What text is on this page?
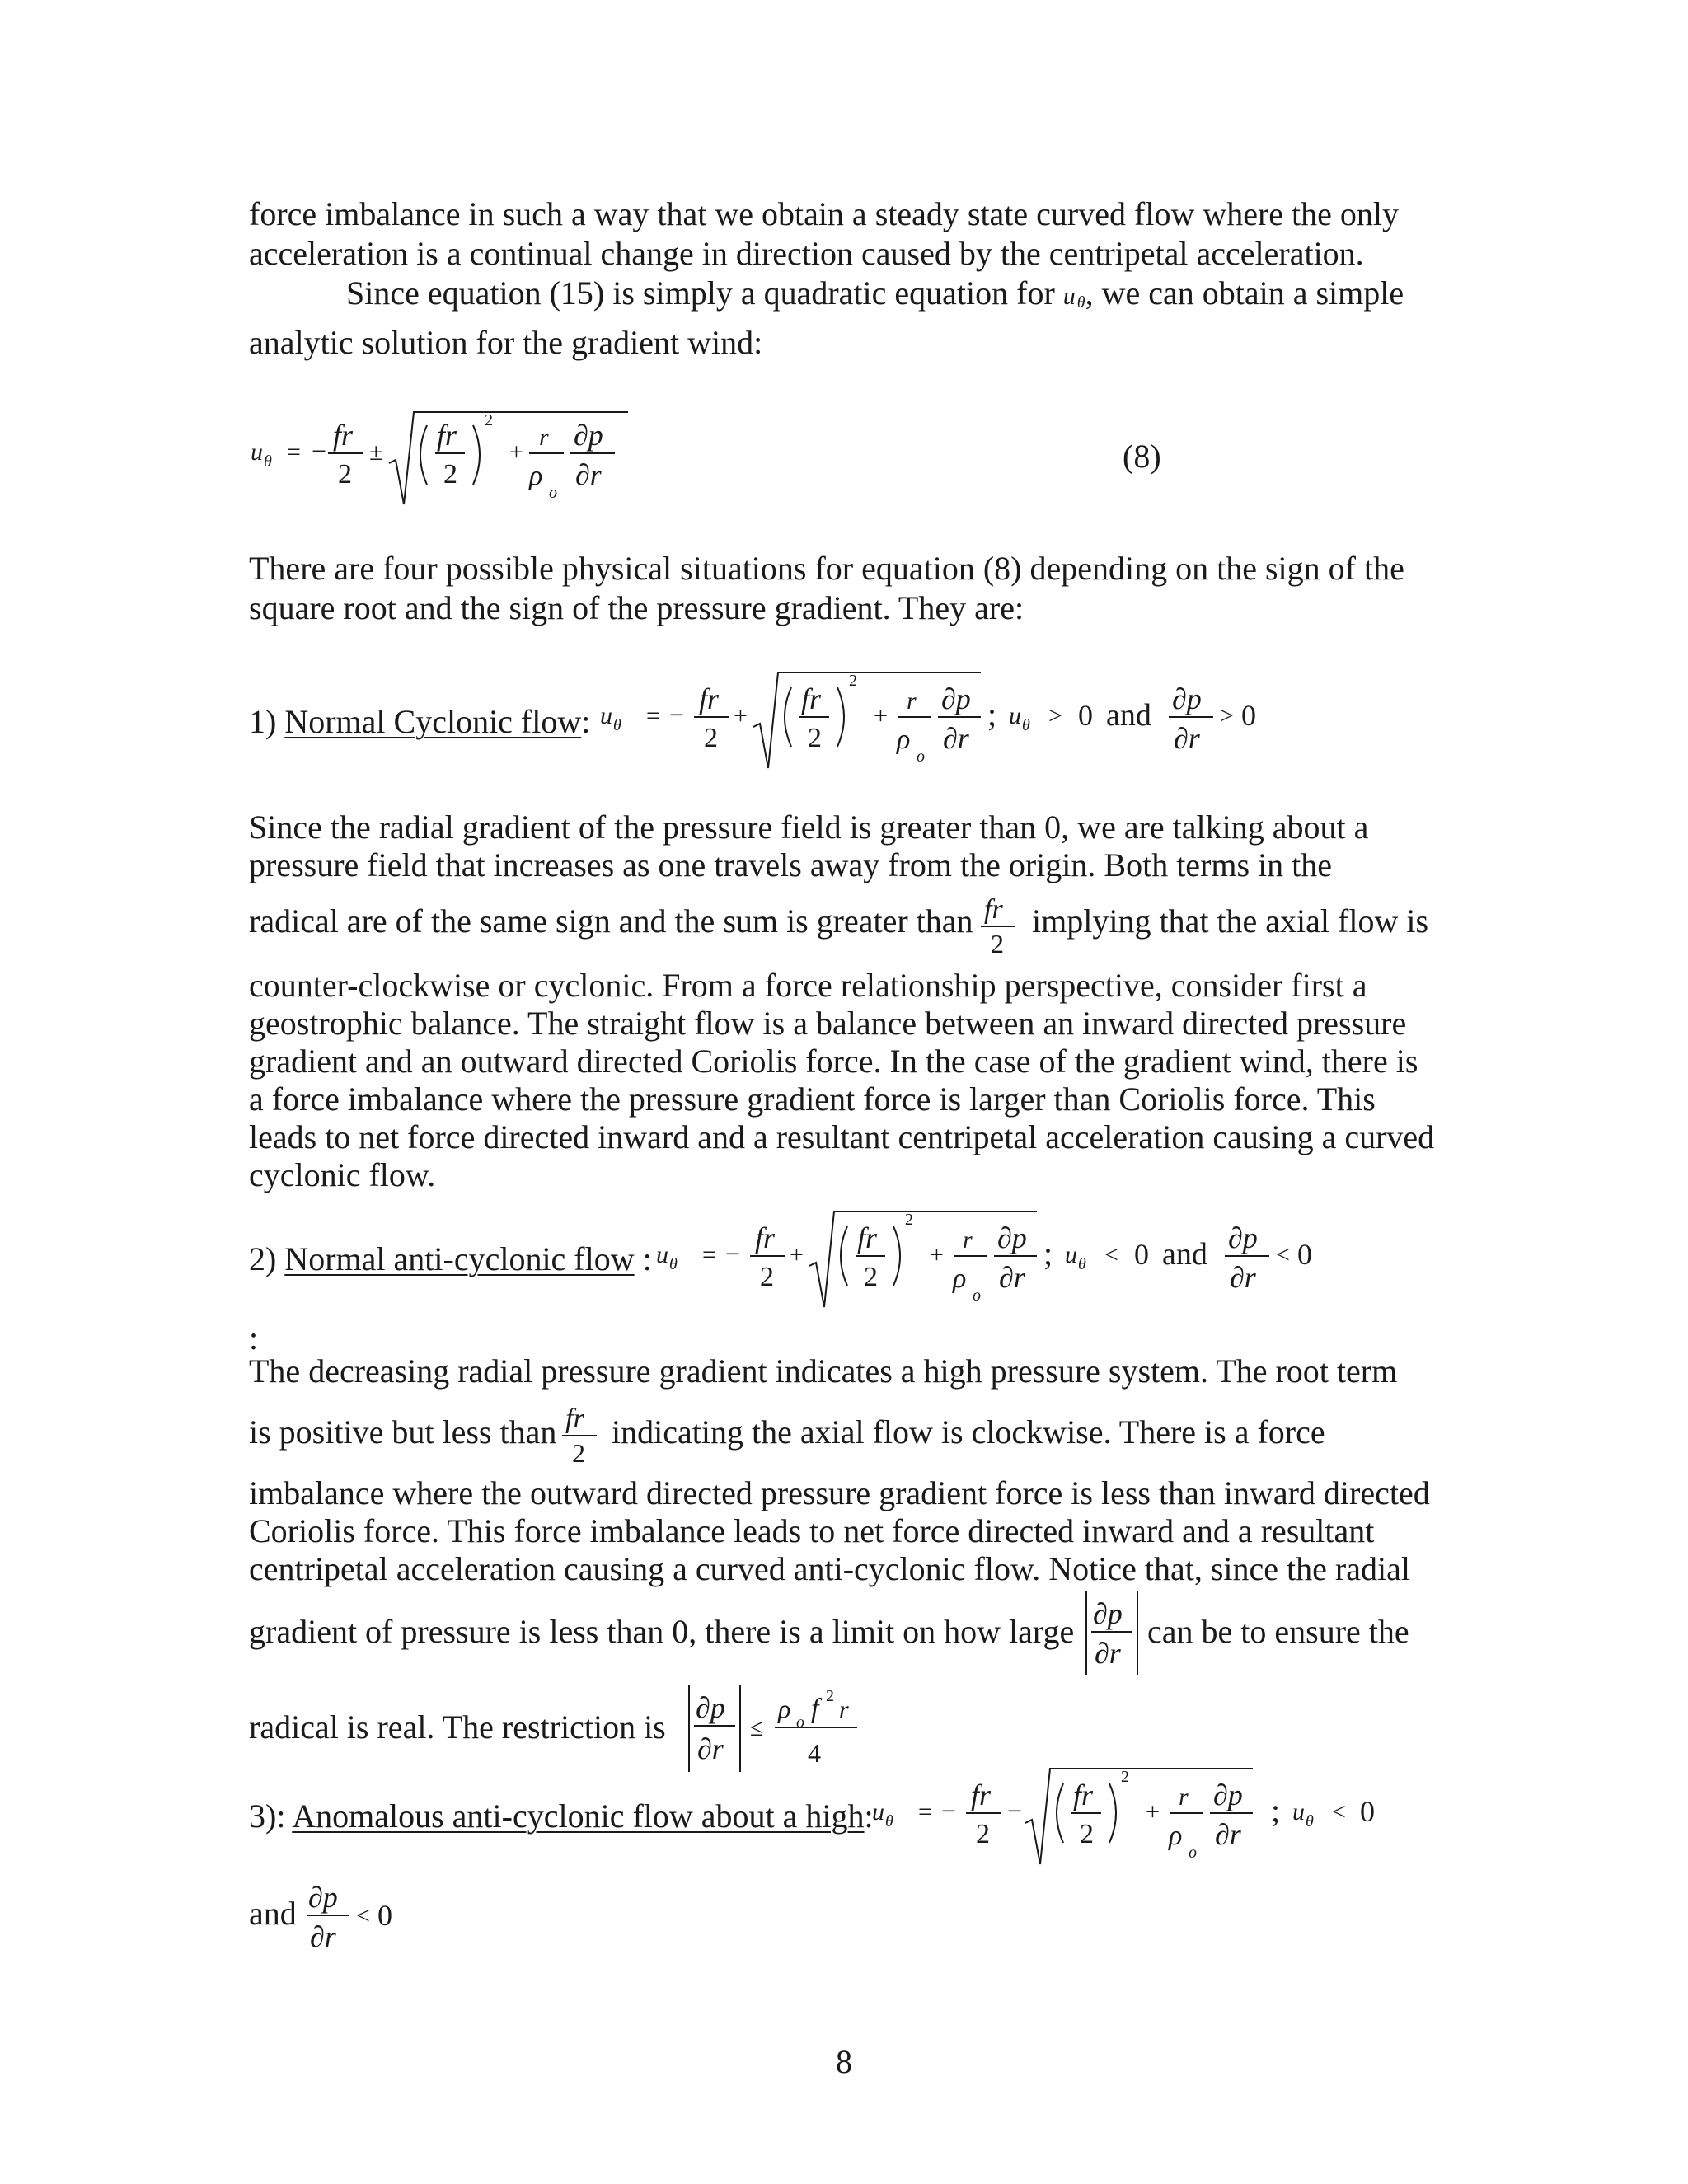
force imbalance in such a way that we obtain a steady state curved flow where the only
acceleration is a continual change in direction caused by the centripetal acceleration.
Since equation (15) is simply a quadratic equation for u $_\theta$, we can obtain a simple
analytic solution for the gradient wind:
u θ = − fr
2
±
fr
2
2
+
r
ρ
o
∂p
∂r	(8)
There are four possible physical situations for equation (8) depending on the sign of the
square root and the sign of the pressure gradient. They are:
1) Normal Cyclonic flow: u θ = − fr
2
+
fr
2
2
+
r
ρ
o
∂p
∂r
; u θ > 0 and ∂p
∂r
> 0
Since the radial gradient of the pressure field is greater than 0, we are talking about a
pressure field that increases as one travels away from the origin. Both terms in the
radical are of the same sign and the sum is greater than fr
2
implying that the axial flow is
counter-clockwise or cyclonic. From a force relationship perspective, consider first a
geostrophic balance. The straight flow is a balance between an inward directed pressure
gradient and an outward directed Coriolis force. In the case of the gradient wind, there is
a force imbalance where the pressure gradient force is larger than Coriolis force. This
leads to net force directed inward and a resultant centripetal acceleration causing a curved
cyclonic flow.
2) Normal anti-cyclonic flow : u θ = − fr
2
+
fr
2
2
+
r
ρ
o
∂p
∂r
; u θ < 0 and ∂p
∂r
< 0
:
The decreasing radial pressure gradient indicates a high pressure system. The root term
is positive but less than fr
2
indicating the axial flow is clockwise. There is a force
imbalance where the outward directed pressure gradient force is less than inward directed
Coriolis force. This force imbalance leads to net force directed inward and a resultant
centripetal acceleration causing a curved anti-cyclonic flow. Notice that, since the radial
gradient of pressure is less than 0, there is a limit on how large ∂p
∂r
can be to ensure the
radical is real. The restriction is
∂p
∂r
≤
ρ o f 2 r
4
3): Anomalous anti-cyclonic flow about a high:
u θ = − fr
2
− fr
2
2
+
r
ρ
o
∂p
∂r
; u θ < 0
and ∂p
∂r
< 0
8
